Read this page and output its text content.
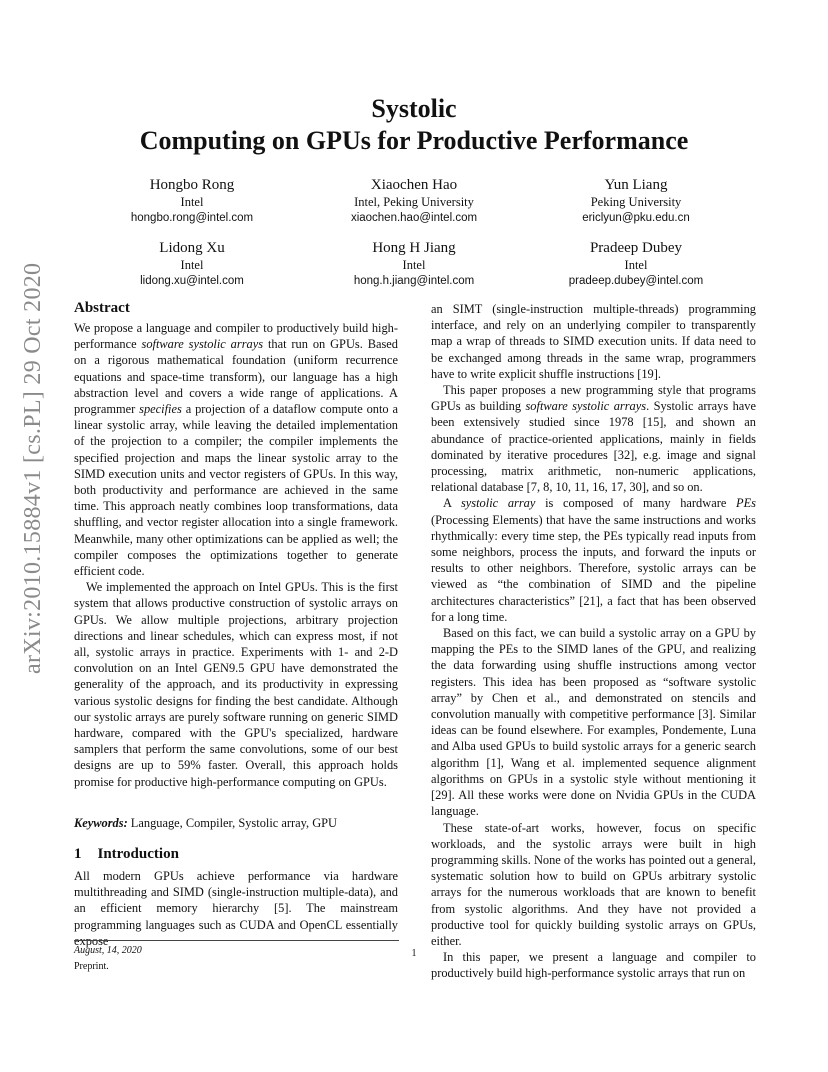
arXiv:2010.15884v1 [cs.PL] 29 Oct 2020
Systolic
Computing on GPUs for Productive Performance
Hongbo Rong
Intel
hongbo.rong@intel.com
Xiaochen Hao
Intel, Peking University
xiaochen.hao@intel.com
Yun Liang
Peking University
ericlyun@pku.edu.cn
Lidong Xu
Intel
lidong.xu@intel.com
Hong H Jiang
Intel
hong.h.jiang@intel.com
Pradeep Dubey
Intel
pradeep.dubey@intel.com
Abstract

We propose a language and compiler to productively build high-performance software systolic arrays that run on GPUs. Based on a rigorous mathematical foundation (uniform recurrence equations and space-time transform), our language has a high abstraction level and covers a wide range of applications. A programmer specifies a projection of a dataflow compute onto a linear systolic array, while leaving the detailed implementation of the projection to a compiler; the compiler implements the specified projection and maps the linear systolic array to the SIMD execution units and vector registers of GPUs. In this way, both productivity and performance are achieved in the same time. This approach neatly combines loop transformations, data shuffling, and vector register allocation into a single framework. Meanwhile, many other optimizations can be applied as well; the compiler composes the optimizations together to generate efficient code.

We implemented the approach on Intel GPUs. This is the first system that allows productive construction of systolic arrays on GPUs. We allow multiple projections, arbitrary projection directions and linear schedules, which can express most, if not all, systolic arrays in practice. Experiments with 1- and 2-D convolution on an Intel GEN9.5 GPU have demonstrated the generality of the approach, and its productivity in expressing various systolic designs for finding the best candidate. Although our systolic arrays are purely software running on generic SIMD hardware, compared with the GPU's specialized, hardware samplers that perform the same convolutions, some of our best designs are up to 59% faster. Overall, this approach holds promise for productive high-performance computing on GPUs.

Keywords: Language, Compiler, Systolic array, GPU

1 Introduction

All modern GPUs achieve performance via hardware multithreading and SIMD (single-instruction multiple-data), and an efficient memory hierarchy [5]. The mainstream programming languages such as CUDA and OpenCL essentially expose

August, 14, 2020
Preprint.

an SIMT (single-instruction multiple-threads) programming interface, and rely on an underlying compiler to transparently map a wrap of threads to SIMD execution units. If data need to be exchanged among threads in the same wrap, programmers have to write explicit shuffle instructions [19].

This paper proposes a new programming style that programs GPUs as building software systolic arrays. Systolic arrays have been extensively studied since 1978 [15], and shown an abundance of practice-oriented applications, mainly in fields dominated by iterative procedures [32], e.g. image and signal processing, matrix arithmetic, non-numeric applications, relational database [7, 8, 10, 11, 16, 17, 30], and so on.

A systolic array is composed of many hardware PEs (Processing Elements) that have the same instructions and works rhythmically: every time step, the PEs typically read inputs from some neighbors, process the inputs, and forward the inputs or results to other neighbors. Therefore, systolic arrays can be viewed as “the combination of SIMD and the pipeline architectures characteristics” [21], a fact that has been observed for a long time.

Based on this fact, we can build a systolic array on a GPU by mapping the PEs to the SIMD lanes of the GPU, and realizing the data forwarding using shuffle instructions among vector registers. This idea has been proposed as “software systolic array” by Chen et al., and demonstrated on stencils and convolution manually with competitive performance [3]. Similar ideas can be found elsewhere. For examples, Pondemente, Luna and Alba used GPUs to build systolic arrays for a generic search algorithm [1], Wang et al. implemented sequence alignment algorithms on GPUs in a systolic style without mentioning it [29]. All these works were done on Nvidia GPUs in the CUDA language.

These state-of-art works, however, focus on specific workloads, and the systolic arrays were built in high programming skills. None of the works has pointed out a general, systematic solution how to build on GPUs arbitrary systolic arrays for the numerous workloads that are known to benefit from systolic algorithms. And they have not provided a productive tool for quickly building systolic arrays on GPUs, either.

In this paper, we present a language and compiler to productively build high-performance systolic arrays that run on

1
